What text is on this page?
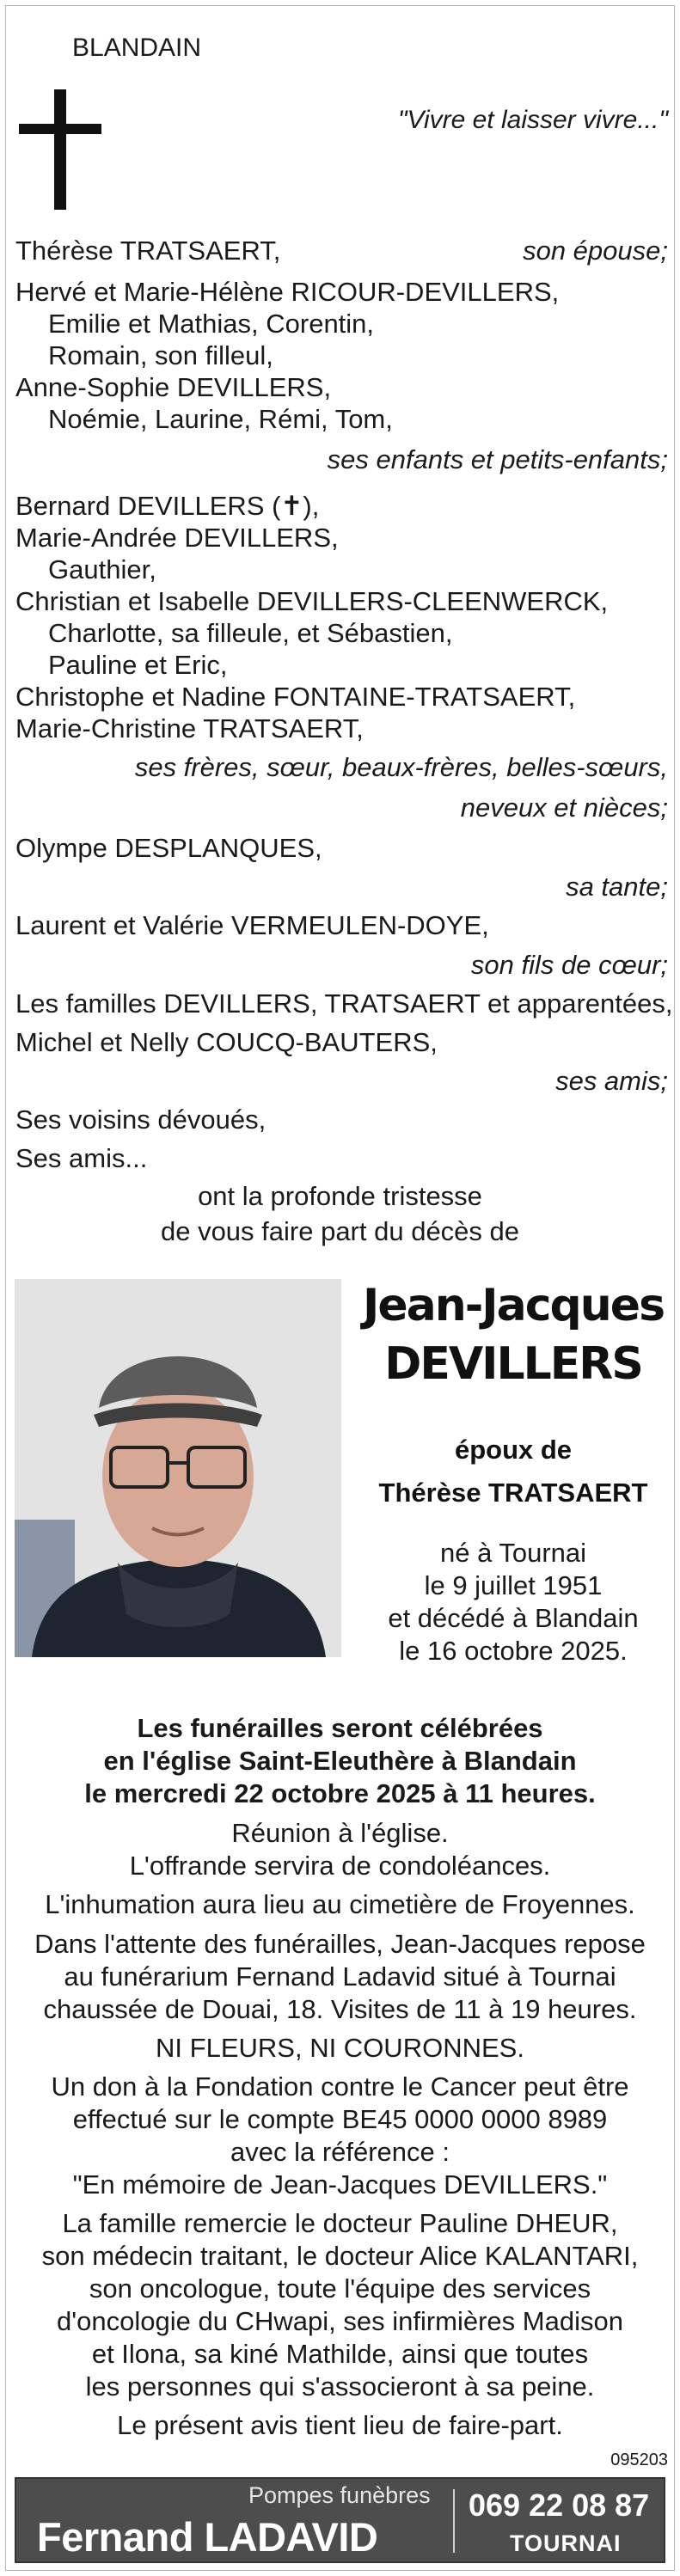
BLANDAIN
"Vivre et laisser vivre..."
Thérèse TRATSAERT,	son épouse;
Hervé et Marie-Hélène RICOUR-DEVILLERS,
Emilie et Mathias, Corentin,
Romain, son filleul,
Anne-Sophie DEVILLERS,
Noémie, Laurine, Rémi, Tom,
ses enfants et petits-enfants;
Bernard DEVILLERS (✝),
Marie-Andrée DEVILLERS,
Gauthier,
Christian et Isabelle DEVILLERS-CLEENWERCK,
Charlotte, sa filleule, et Sébastien,
Pauline et Eric,
Christophe et Nadine FONTAINE-TRATSAERT,
Marie-Christine TRATSAERT,
ses frères, sœur, beaux-frères, belles-sœurs,
neveux et nièces;
Olympe DESPLANQUES,
sa tante;
Laurent et Valérie VERMEULEN-DOYE,
son fils de cœur;
Les familles DEVILLERS, TRATSAERT et apparentées,
Michel et Nelly COUCQ-BAUTERS,
ses amis;
Ses voisins dévoués,
Ses amis...
ont la profonde tristesse
de vous faire part du décès de
Jean-Jacques
DEVILLERS
époux de
Thérèse TRATSAERT
né à Tournai
le 9 juillet 1951
et décédé à Blandain
le 16 octobre 2025.
Les funérailles seront célébrées
en l'église Saint-Eleuthère à Blandain
le mercredi 22 octobre 2025 à 11 heures.
Réunion à l'église.
L'offrande servira de condoléances.
L'inhumation aura lieu au cimetière de Froyennes.
Dans l'attente des funérailles, Jean-Jacques repose
au funérarium Fernand Ladavid situé à Tournai
chaussée de Douai, 18. Visites de 11 à 19 heures.
NI FLEURS, NI COURONNES.
Un don à la Fondation contre le Cancer peut être
effectué sur le compte BE45 0000 0000 8989
avec la référence :
"En mémoire de Jean-Jacques DEVILLERS."
La famille remercie le docteur Pauline DHEUR,
son médecin traitant, le docteur Alice KALANTARI,
son oncologue, toute l'équipe des services
d'oncologie du CHwapi, ses infirmières Madison
et Ilona, sa kiné Mathilde, ainsi que toutes
les personnes qui s'associeront à sa peine.
Le présent avis tient lieu de faire-part.
095203
Pompes funèbres
Fernand LADAVID
069 22 08 87
TOURNAI
